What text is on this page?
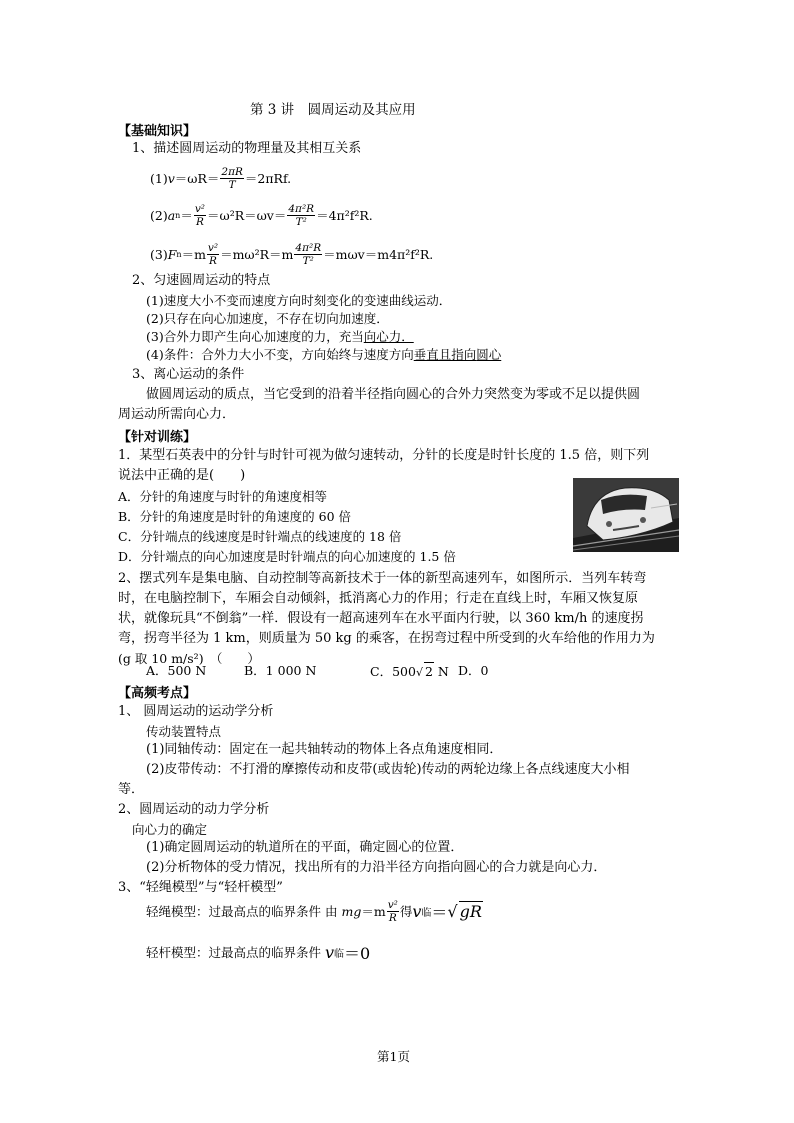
第 3 讲　圆周运动及其应用
【基础知识】
1、描述圆周运动的物理量及其相互关系
(1) $v =\omega R= \frac{2\pi R}{T} =2\pi Rf$.
(2) a $n = \frac{\text{v²}}{R} =\omega^2R=\omega v= \frac{\text{4π²R}}{\text{T²}} =4\pi^2f^2R$.
(3) F $n =m \frac{\text{v²}}{R} =m\omega^2R=m \frac{\text{4π²R}}{\text{T²}} =m\omega v=m4\pi^2f^2R$.
2、匀速圆周运动的特点
(1)速度大小不变而速度方向时刻变化的变速曲线运动．
(2)只存在向心加速度，不存在切向加速度．
(3)合外力即产生向心加速度的力，充当向心力．
(4)条件：合外力大小不变，方向始终与速度方向垂直且指向圆心
3、离心运动的条件
做圆周运动的质点，当它受到的沿着半径指向圆心的合外力突然变为零或不足以提供圆
周运动所需向心力．
【针对训练】
1．某型石英表中的分针与时针可视为做匀速转动，分针的长度是时针长度的 1.5 倍，则下列
说法中正确的是(　　)
A．分针的角速度与时针的角速度相等
B．分针的角速度是时针的角速度的 60 倍
C．分针端点的线速度是时针端点的线速度的 18 倍
D．分针端点的向心加速度是时针端点的向心加速度的 1.5 倍
2、摆式列车是集电脑、自动控制等高新技术于一体的新型高速列车，如图所示．当列车转弯
时，在电脑控制下，车厢会自动倾斜，抵消离心力的作用；行走在直线上时，车厢又恢复原
状，就像玩具“不倒翁”一样．假设有一超高速列车在水平面内行驶，以 360 km/h 的速度拐
弯，拐弯半径为 1 km，则质量为 50 kg 的乘客，在拐弯过程中所受到的火车给他的作用力为
(g 取 10 m/s²)　（　　）
A．500 N	B．1 000 N	C．500√ 2 N D．0
【高频考点】
1、 圆周运动的运动学分析
传动装置特点
(1)同轴传动：固定在一起共轴转动的物体上各点角速度相同．
(2)皮带传动：不打滑的摩擦传动和皮带(或齿轮)传动的两轮边缘上各点线速度大小相
等．
2、圆周运动的动力学分析
向心力的确定
(1)确定圆周运动的轨道所在的平面，确定圆心的位置．
(2)分析物体的受力情况，找出所有的力沿半径方向指向圆心的合力就是向心力．
3、“轻绳模型”与“轻杆模型”
轻绳模型：过最高点的临界条件 由
mg $=m \frac{\text{v²}}{R}$ 得 v 临 ＝ √ gR
轻杆模型：过最高点的临界条件
v 临 ＝0
第1页
